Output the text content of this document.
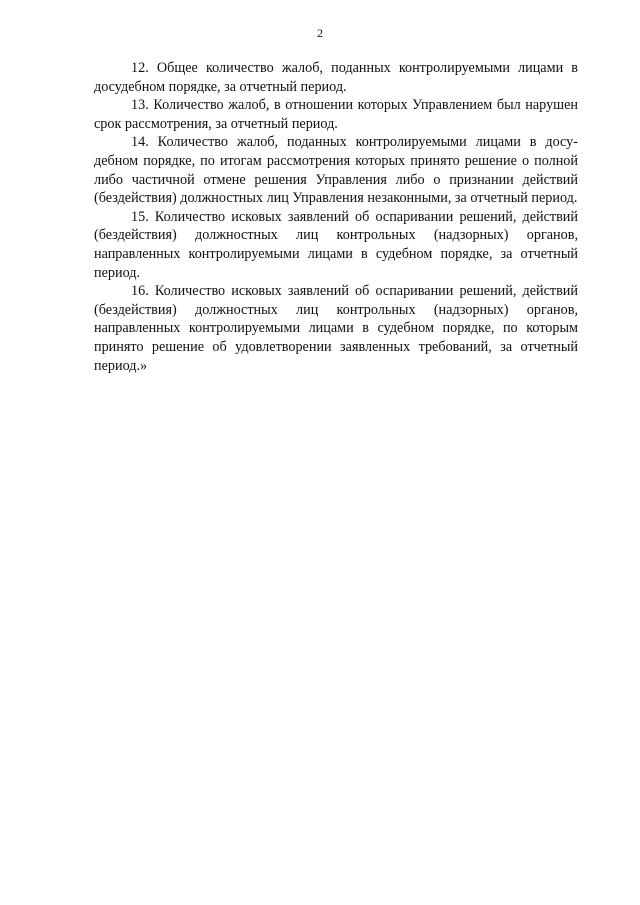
2

12. Общее количество жалоб, поданных контролируемыми лицами в досудебном порядке, за отчетный период.

13. Количество жалоб, в отношении которых Управлением был нарушен срок рассмотрения, за отчетный период.

14. Количество жалоб, поданных контролируемыми лицами в досудебном порядке, по итогам рассмотрения которых принято решение о полной либо частичной отмене решения Управления либо о признании действий (бездействия) должностных лиц Управления незаконными, за отчетный период.

15. Количество исковых заявлений об оспаривании решений, действий (бездействия) должностных лиц контрольных (надзорных) органов, направленных контролируемыми лицами в судебном порядке, за отчетный период.

16. Количество исковых заявлений об оспаривании решений, действий (бездействия) должностных лиц контрольных (надзорных) органов, направленных контролируемыми лицами в судебном порядке, по которым принято решение об удовлетворении заявленных требований, за отчетный период.»
